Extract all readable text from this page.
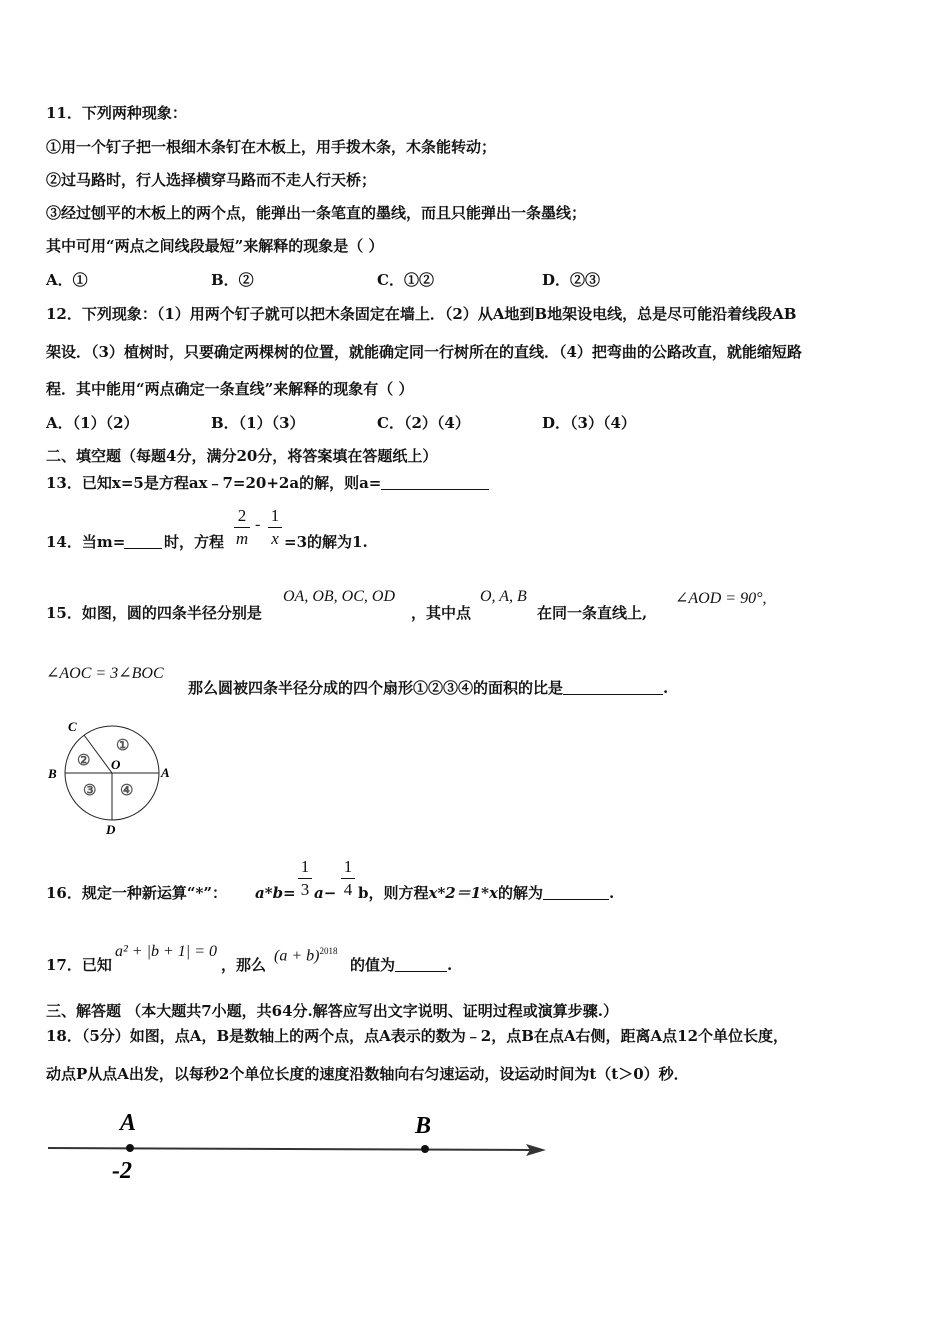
11．下列两种现象：
①用一个钉子把一根细木条钉在木板上，用手拨木条，木条能转动；
②过马路时，行人选择横穿马路而不走人行天桥；
③经过刨平的木板上的两个点，能弹出一条笔直的墨线，而且只能弹出一条墨线；
其中可用“两点之间线段最短”来解释的现象是（ ）
A．①	B．②	C．①②	D．②③
12．下列现象：（1）用两个钉子就可以把木条固定在墙上．（2）从A地到B地架设电线，总是尽可能沿着线段AB
架设．（3）植树时，只要确定两棵树的位置，就能确定同一行树所在的直线．（4）把弯曲的公路改直，就能缩短路
程．其中能用“两点确定一条直线”来解释的现象有（ ）
A．（1）（2）	B．（1）（3）	C．（2）（4）	D．（3）（4）
二、填空题（每题4分，满分20分，将答案填在答题纸上）
13．已知x=5是方程ax﹣7=20+2a的解，则a=
14．当m=	时，方程
2
m
- 1
x =3的解为1.
15．如图，圆的四条半径分别是
OA, OB, OC, OD
，其中点
O, A, B
在同一条直线上,
∠AOD = 90°,
∠AOC = 3∠BOC
那么圆被四条半径分成的四个扇形①②③④的面积的比是	.
C
B	A
D
O
①
②
③ ④
16．规定一种新运算“*”： a*b=
1
3 a−
1
4 b，则方程x*2＝1*x的解为	.
17．已知
a² + |b + 1| = 0
，那么
$(a + b)^{2018}$
的值为	.
三、解答题 （本大题共7小题，共64分.解答应写出文字说明、证明过程或演算步骤.）
18．（5分）如图，点A，B是数轴上的两个点，点A表示的数为﹣2，点B在点A右侧，距离A点12个单位长度，
动点P从点A出发，以每秒2个单位长度的速度沿数轴向右匀速运动，设运动时间为t（t＞0）秒．
A	B
-2
